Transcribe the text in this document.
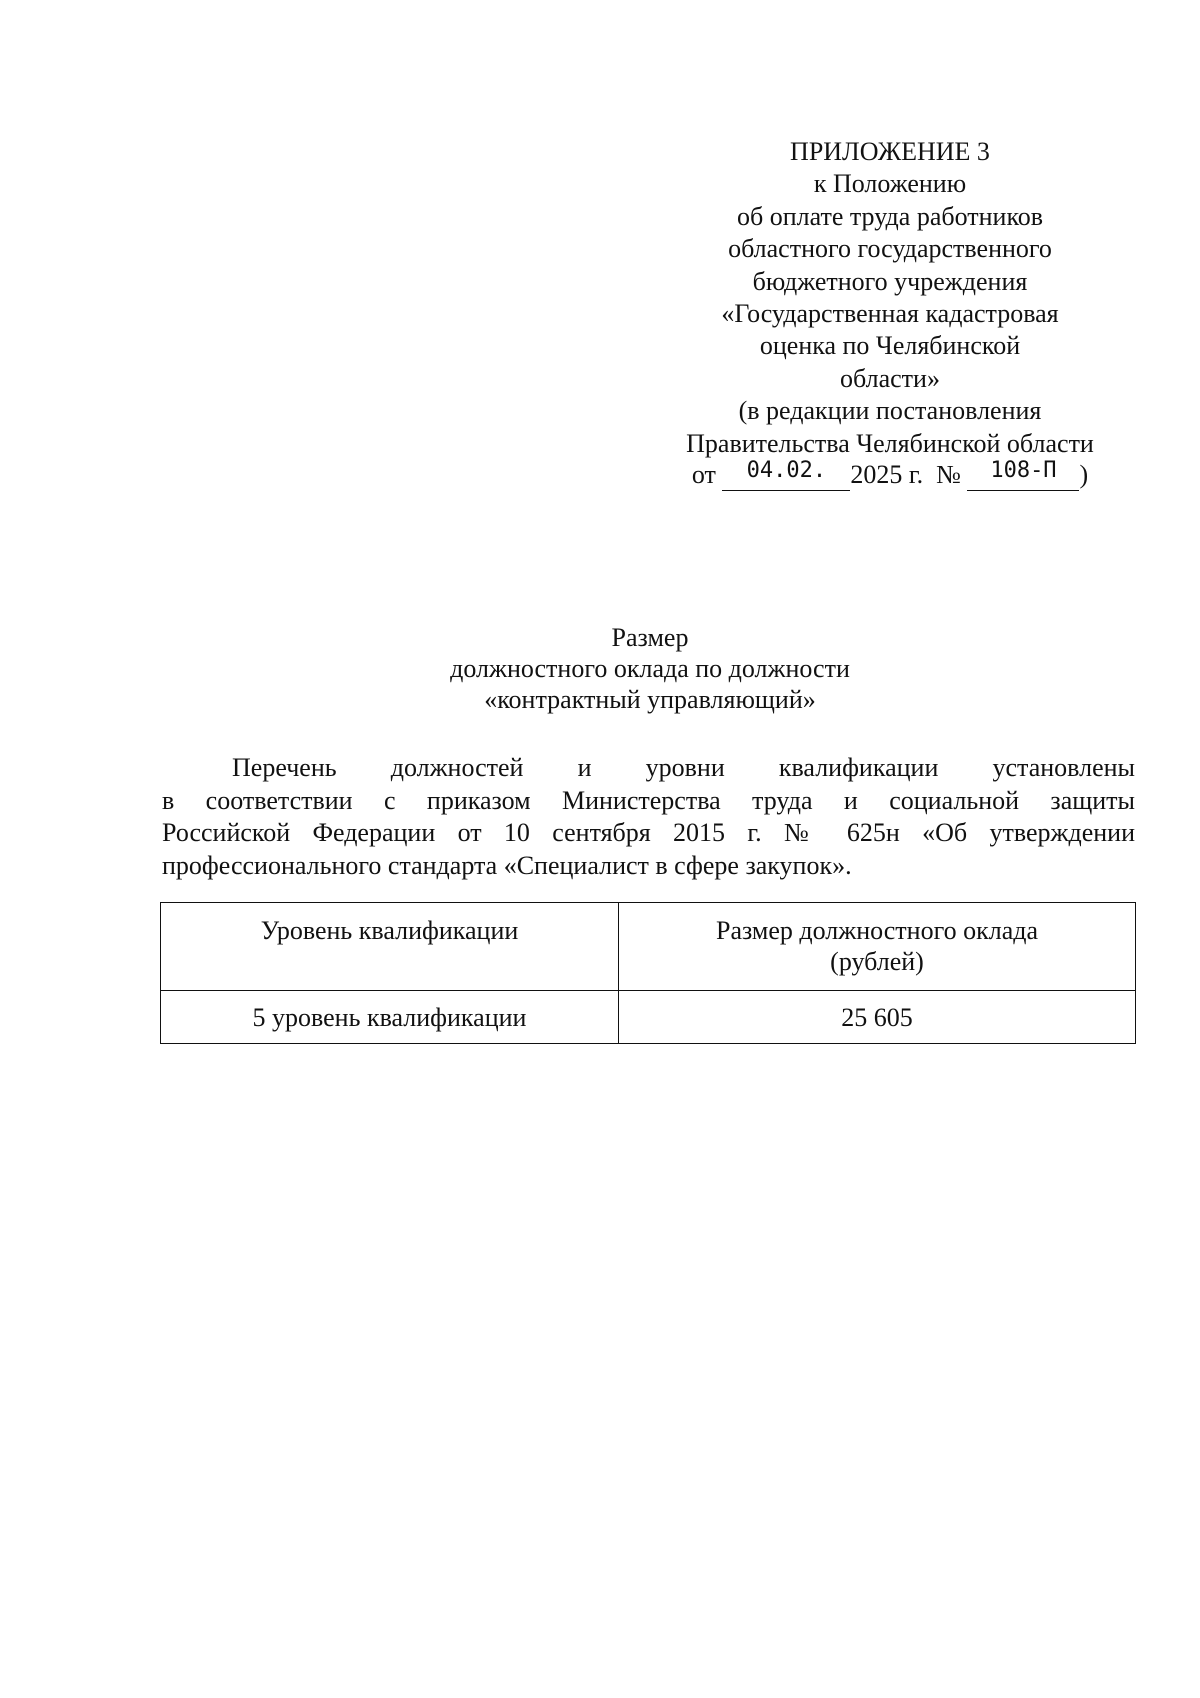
ПРИЛОЖЕНИЕ 3
к Положению
об оплате труда работников
областного государственного
бюджетного учреждения
«Государственная кадастровая
оценка по Челябинской
области»
(в редакции постановления
Правительства Челябинской области
от $^{04.02.}$ 2025 г. № $^{108-П}$ )
Размер
должностного оклада по должности
«контрактный управляющий»
Перечень должностей и уровни квалификации установлены
в соответствии с приказом Министерства труда и социальной защиты
Российской Федерации от 10 сентября 2015 г. № 625н «Об утверждении
профессионального стандарта «Специалист в сфере закупок».
Уровень квалификации	Размер должностного оклада
(рублей)

5 уровень квалификации	25 605
